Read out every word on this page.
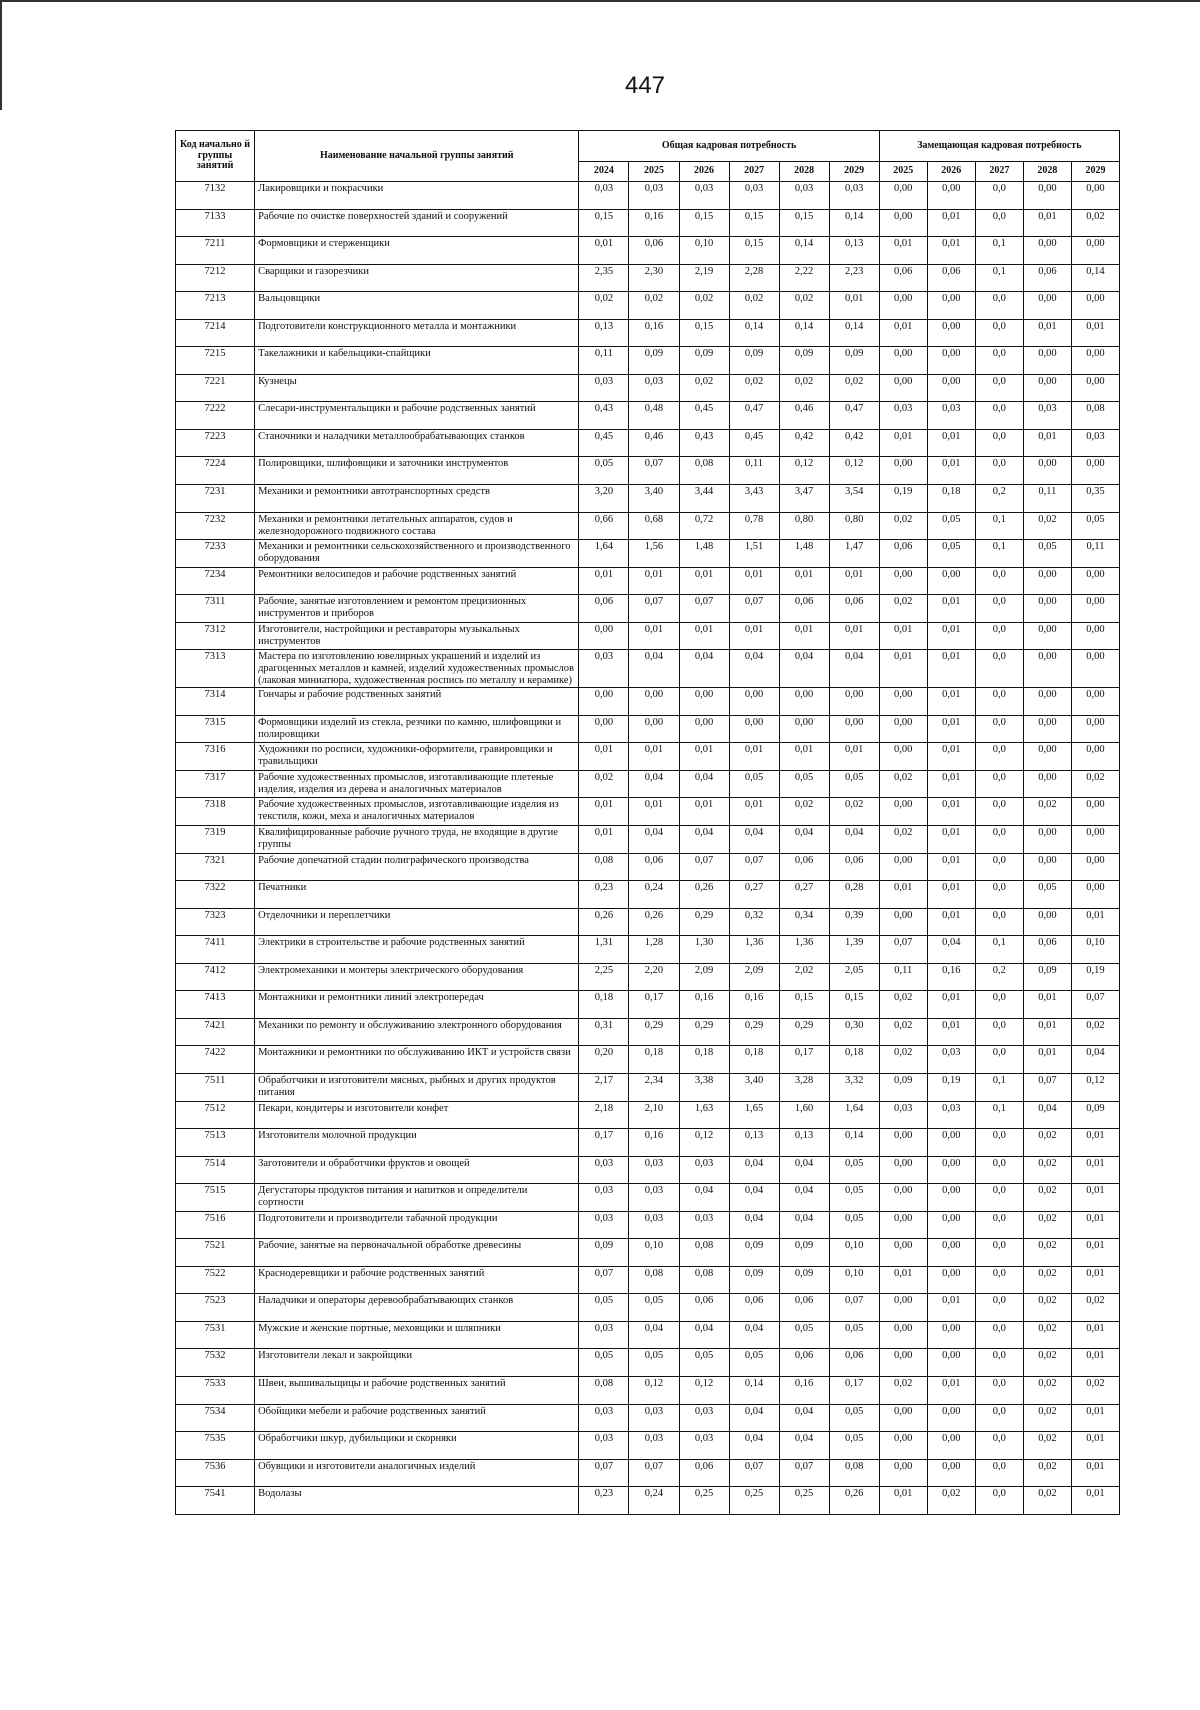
447
Код начально й группы занятий	Наименование начальной группы занятий	Общая кадровая потребность						Замещающая кадровая потребность				
		2024	2025	2026	2027	2028	2029	2025	2026	2027	2028	2029
7132	Лакировщики и покрасчики	0,03	0,03	0,03	0,03	0,03	0,03	0,00	0,00	0,0	0,00	0,00
7133	Рабочие по очистке поверхностей зданий и сооружений	0,15	0,16	0,15	0,15	0,15	0,14	0,00	0,01	0,0	0,01	0,02
7211	Формовщики и стерженщики	0,01	0,06	0,10	0,15	0,14	0,13	0,01	0,01	0,1	0,00	0,00
7212	Сварщики и газорезчики	2,35	2,30	2,19	2,28	2,22	2,23	0,06	0,06	0,1	0,06	0,14
7213	Вальцовщики	0,02	0,02	0,02	0,02	0,02	0,01	0,00	0,00	0,0	0,00	0,00
7214	Подготовители конструкционного металла и монтажники	0,13	0,16	0,15	0,14	0,14	0,14	0,01	0,00	0,0	0,01	0,01
7215	Такелажники и кабельщики-спайщики	0,11	0,09	0,09	0,09	0,09	0,09	0,00	0,00	0,0	0,00	0,00
7221	Кузнецы	0,03	0,03	0,02	0,02	0,02	0,02	0,00	0,00	0,0	0,00	0,00
7222	Слесари-инструментальщики и рабочие родственных занятий	0,43	0,48	0,45	0,47	0,46	0,47	0,03	0,03	0,0	0,03	0,08
7223	Станочники и наладчики металлообрабатывающих станков	0,45	0,46	0,43	0,45	0,42	0,42	0,01	0,01	0,0	0,01	0,03
7224	Полировщики, шлифовщики и заточники инструментов	0,05	0,07	0,08	0,11	0,12	0,12	0,00	0,01	0,0	0,00	0,00
7231	Механики и ремонтники автотранспортных средств	3,20	3,40	3,44	3,43	3,47	3,54	0,19	0,18	0,2	0,11	0,35
7232	Механики и ремонтники летательных аппаратов, судов и железнодорожного подвижного состава	0,66	0,68	0,72	0,78	0,80	0,80	0,02	0,05	0,1	0,02	0,05
7233	Механики и ремонтники сельскохозяйственного и производственного оборудования	1,64	1,56	1,48	1,51	1,48	1,47	0,06	0,05	0,1	0,05	0,11
7234	Ремонтники велосипедов и рабочие родственных занятий	0,01	0,01	0,01	0,01	0,01	0,01	0,00	0,00	0,0	0,00	0,00
7311	Рабочие, занятые изготовлением и ремонтом прецизионных инструментов и приборов	0,06	0,07	0,07	0,07	0,06	0,06	0,02	0,01	0,0	0,00	0,00
7312	Изготовители, настройщики и реставраторы музыкальных инструментов	0,00	0,01	0,01	0,01	0,01	0,01	0,01	0,01	0,0	0,00	0,00
7313	Мастера по изготовлению ювелирных украшений и изделий из драгоценных металлов и камней, изделий художественных промыслов (лаковая миниатюра, художественная роспись по металлу и керамике)	0,03	0,04	0,04	0,04	0,04	0,04	0,01	0,01	0,0	0,00	0,00
7314	Гончары и рабочие родственных занятий	0,00	0,00	0,00	0,00	0,00	0,00	0,00	0,01	0,0	0,00	0,00
7315	Формовщики изделий из стекла, резчики по камню, шлифовщики и полировщики	0,00	0,00	0,00	0,00	0,00	0,00	0,00	0,01	0,0	0,00	0,00
7316	Художники по росписи, художники-оформители, гравировщики и травильщики	0,01	0,01	0,01	0,01	0,01	0,01	0,00	0,01	0,0	0,00	0,00
7317	Рабочие художественных промыслов, изготавливающие плетеные изделия, изделия из дерева и аналогичных материалов	0,02	0,04	0,04	0,05	0,05	0,05	0,02	0,01	0,0	0,00	0,02
7318	Рабочие художественных промыслов, изготавливающие изделия из текстиля, кожи, меха и аналогичных материалов	0,01	0,01	0,01	0,01	0,02	0,02	0,00	0,01	0,0	0,02	0,00
7319	Квалифицированные рабочие ручного труда, не входящие в другие группы	0,01	0,04	0,04	0,04	0,04	0,04	0,02	0,01	0,0	0,00	0,00
7321	Рабочие допечатной стадии полиграфического производства	0,08	0,06	0,07	0,07	0,06	0,06	0,00	0,01	0,0	0,00	0,00
7322	Печатники	0,23	0,24	0,26	0,27	0,27	0,28	0,01	0,01	0,0	0,05	0,00
7323	Отделочники и переплетчики	0,26	0,26	0,29	0,32	0,34	0,39	0,00	0,01	0,0	0,00	0,01
7411	Электрики в строительстве и рабочие родственных занятий	1,31	1,28	1,30	1,36	1,36	1,39	0,07	0,04	0,1	0,06	0,10
7412	Электромеханики и монтеры электрического оборудования	2,25	2,20	2,09	2,09	2,02	2,05	0,11	0,16	0,2	0,09	0,19
7413	Монтажники и ремонтники линий электропередач	0,18	0,17	0,16	0,16	0,15	0,15	0,02	0,01	0,0	0,01	0,07
7421	Механики по ремонту и обслуживанию электронного оборудования	0,31	0,29	0,29	0,29	0,29	0,30	0,02	0,01	0,0	0,01	0,02
7422	Монтажники и ремонтники по обслуживанию ИКТ и устройств связи	0,20	0,18	0,18	0,18	0,17	0,18	0,02	0,03	0,0	0,01	0,04
7511	Обработчики и изготовители мясных, рыбных и других продуктов питания	2,17	2,34	3,38	3,40	3,28	3,32	0,09	0,19	0,1	0,07	0,12
7512	Пекари, кондитеры и изготовители конфет	2,18	2,10	1,63	1,65	1,60	1,64	0,03	0,03	0,1	0,04	0,09
7513	Изготовители молочной продукции	0,17	0,16	0,12	0,13	0,13	0,14	0,00	0,00	0,0	0,02	0,01
7514	Заготовители и обработчики фруктов и овощей	0,03	0,03	0,03	0,04	0,04	0,05	0,00	0,00	0,0	0,02	0,01
7515	Дегустаторы продуктов питания и напитков и определители сортности	0,03	0,03	0,04	0,04	0,04	0,05	0,00	0,00	0,0	0,02	0,01
7516	Подготовители и производители табачной продукции	0,03	0,03	0,03	0,04	0,04	0,05	0,00	0,00	0,0	0,02	0,01
7521	Рабочие, занятые на первоначальной обработке древесины	0,09	0,10	0,08	0,09	0,09	0,10	0,00	0,00	0,0	0,02	0,01
7522	Краснодеревщики и рабочие родственных занятий	0,07	0,08	0,08	0,09	0,09	0,10	0,01	0,00	0,0	0,02	0,01
7523	Наладчики и операторы деревообрабатывающих станков	0,05	0,05	0,06	0,06	0,06	0,07	0,00	0,01	0,0	0,02	0,02
7531	Мужские и женские портные, меховщики и шляпники	0,03	0,04	0,04	0,04	0,05	0,05	0,00	0,00	0,0	0,02	0,01
7532	Изготовители лекал и закройщики	0,05	0,05	0,05	0,05	0,06	0,06	0,00	0,00	0,0	0,02	0,01
7533	Швеи, вышивальщицы и рабочие родственных занятий	0,08	0,12	0,12	0,14	0,16	0,17	0,02	0,01	0,0	0,02	0,02
7534	Обойщики мебели и рабочие родственных занятий	0,03	0,03	0,03	0,04	0,04	0,05	0,00	0,00	0,0	0,02	0,01
7535	Обработчики шкур, дубильщики и скорняки	0,03	0,03	0,03	0,04	0,04	0,05	0,00	0,00	0,0	0,02	0,01
7536	Обувщики и изготовители аналогичных изделий	0,07	0,07	0,06	0,07	0,07	0,08	0,00	0,00	0,0	0,02	0,01
7541	Водолазы	0,23	0,24	0,25	0,25	0,25	0,26	0,01	0,02	0,0	0,02	0,01
